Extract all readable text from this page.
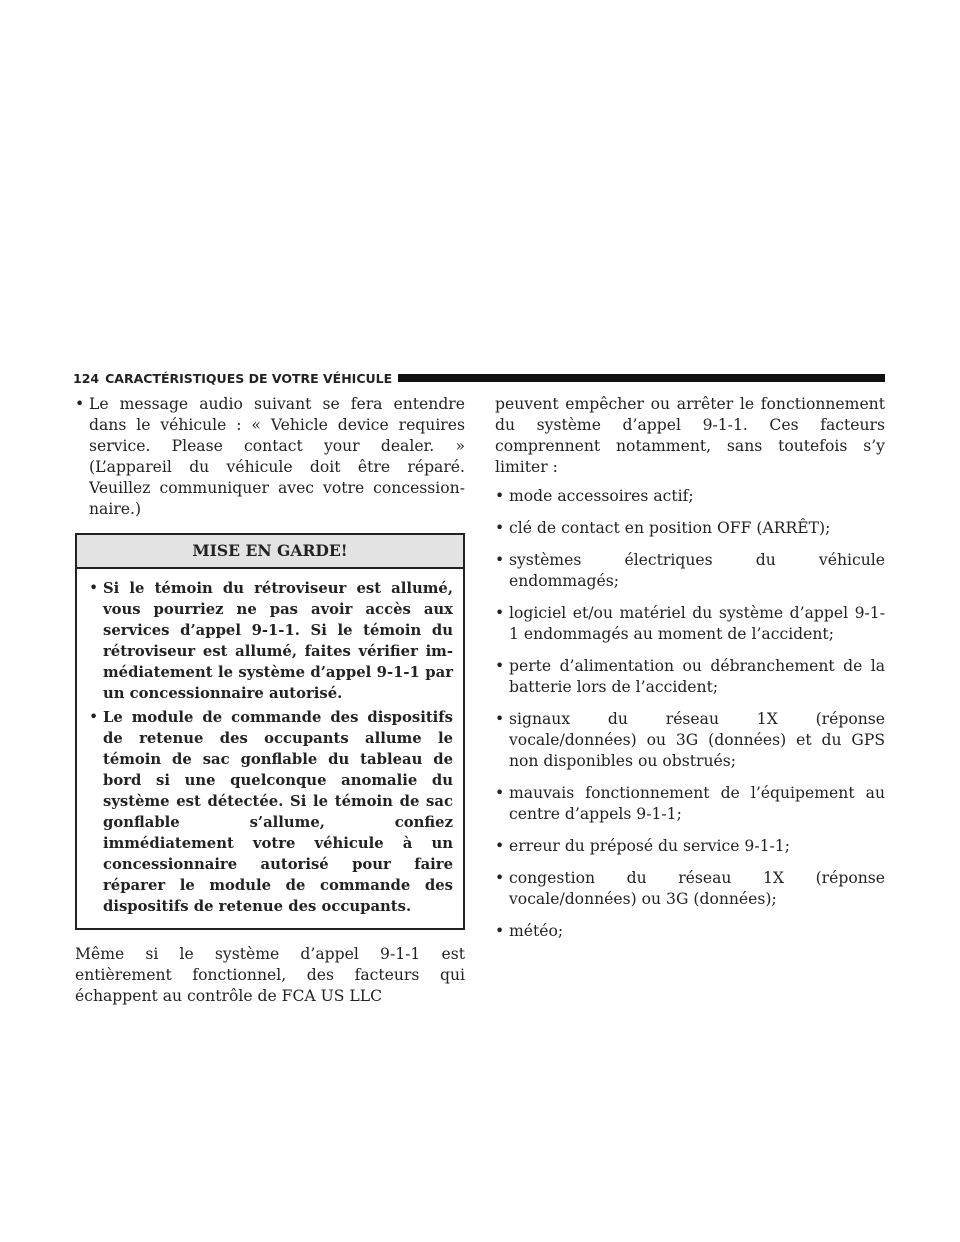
124 CARACTÉRISTIQUES DE VOTRE VÉHICULE
• Le message audio suivant se fera entendre dans le véhicule : « Vehicle device requires service. Please contact your dealer. » (L’appareil du véhicule doit être réparé. Veuillez communiquer avec votre concessionnaire.)
MISE EN GARDE!
• Si le témoin du rétroviseur est allumé, vous pourriez ne pas avoir accès aux services d’appel 9-1-1. Si le témoin du rétroviseur est allumé, faites vérifier immédiatement le système d’appel 9-1-1 par un concessionnaire autorisé.
• Le module de commande des dispositifs de retenue des occupants allume le témoin de sac gonflable du tableau de bord si une quelconque anomalie du système est détectée. Si le témoin de sac gonflable s’allume, confiez immédiatement votre véhicule à un concessionnaire autorisé pour faire réparer le module de commande des dispositifs de retenue des occupants.

Même si le système d’appel 9-1-1 est entièrement fonctionnel, des facteurs qui échappent au contrôle de FCA US LLC

peuvent empêcher ou arrêter le fonctionnement du système d’appel 9-1-1. Ces facteurs comprennent notamment, sans toutefois s’y limiter :

• mode accessoires actif;
• clé de contact en position OFF (ARRÊT);
• systèmes électriques du véhicule endommagés;
• logiciel et/ou matériel du système d’appel 9-1-1 endommagés au moment de l’accident;
• perte d’alimentation ou débranchement de la batterie lors de l’accident;
• signaux du réseau 1X (réponse vocale/données) ou 3G (données) et du GPS non disponibles ou obstrués;
• mauvais fonctionnement de l’équipement au centre d’appels 9-1-1;
• erreur du préposé du service 9-1-1;
• congestion du réseau 1X (réponse vocale/données) ou 3G (données);
• météo;
